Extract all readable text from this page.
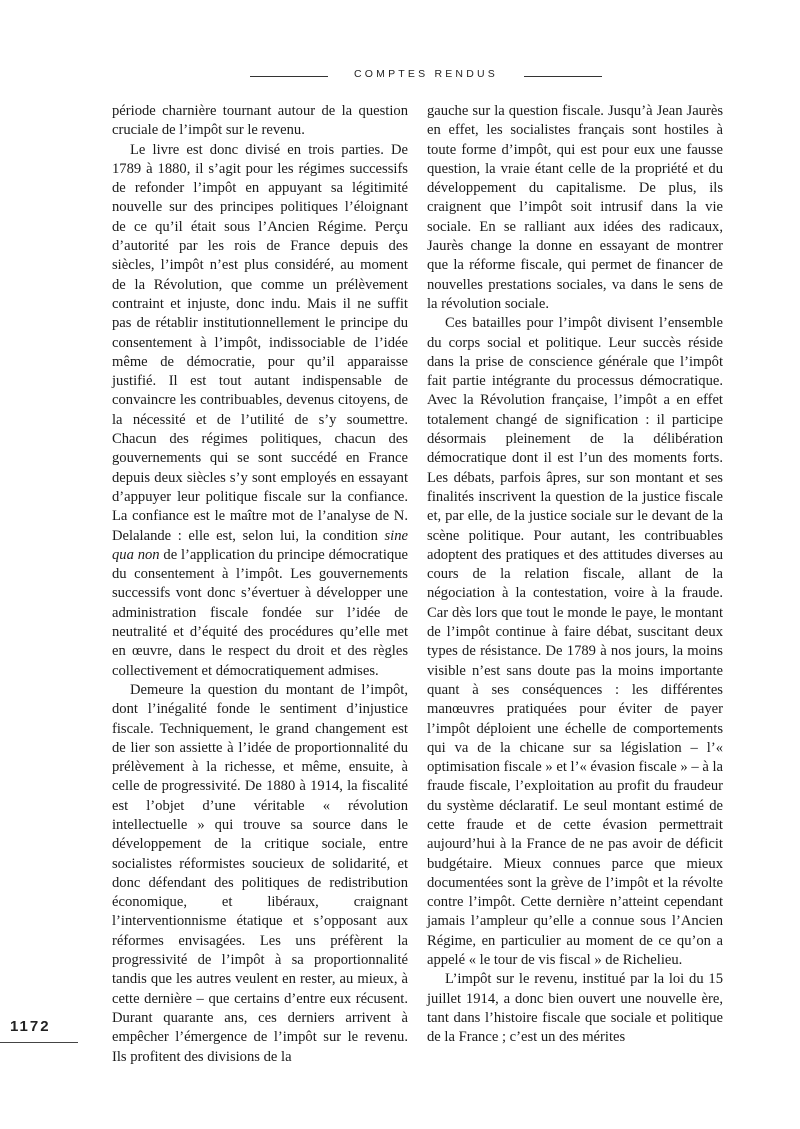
COMPTES RENDUS

période charnière tournant autour de la question cruciale de l’impôt sur le revenu.

Le livre est donc divisé en trois parties. De 1789 à 1880, il s’agit pour les régimes successifs de refonder l’impôt en appuyant sa légitimité nouvelle sur des principes politiques l’éloignant de ce qu’il était sous l’Ancien Régime. Perçu d’autorité par les rois de France depuis des siècles, l’impôt n’est plus considéré, au moment de la Révolution, que comme un prélèvement contraint et injuste, donc indu. Mais il ne suffit pas de rétablir institutionnellement le principe du consentement à l’impôt, indissociable de l’idée même de démocratie, pour qu’il apparaisse justifié. Il est tout autant indispensable de convaincre les contribuables, devenus citoyens, de la nécessité et de l’utilité de s’y soumettre. Chacun des régimes politiques, chacun des gouvernements qui se sont succédé en France depuis deux siècles s’y sont employés en essayant d’appuyer leur politique fiscale sur la confiance. La confiance est le maître mot de l’analyse de N. Delalande : elle est, selon lui, la condition sine qua non de l’application du principe démocratique du consentement à l’impôt. Les gouvernements successifs vont donc s’évertuer à développer une administration fiscale fondée sur l’idée de neutralité et d’équité des procédures qu’elle met en œuvre, dans le respect du droit et des règles collectivement et démocratiquement admises.

Demeure la question du montant de l’impôt, dont l’inégalité fonde le sentiment d’injustice fiscale. Techniquement, le grand changement est de lier son assiette à l’idée de proportionnalité du prélèvement à la richesse, et même, ensuite, à celle de progressivité. De 1880 à 1914, la fiscalité est l’objet d’une véritable « révolution intellectuelle » qui trouve sa source dans le développement de la critique sociale, entre socialistes réformistes soucieux de solidarité, et donc défendant des politiques de redistribution économique, et libéraux, craignant l’interventionnisme étatique et s’opposant aux réformes envisagées. Les uns préfèrent la progressivité de l’impôt à sa proportionnalité tandis que les autres veulent en rester, au mieux, à cette dernière – que certains d’entre eux récusent. Durant quarante ans, ces derniers arrivent à empêcher l’émergence de l’impôt sur le revenu. Ils profitent des divisions de la

gauche sur la question fiscale. Jusqu’à Jean Jaurès en effet, les socialistes français sont hostiles à toute forme d’impôt, qui est pour eux une fausse question, la vraie étant celle de la propriété et du développement du capitalisme. De plus, ils craignent que l’impôt soit intrusif dans la vie sociale. En se ralliant aux idées des radicaux, Jaurès change la donne en essayant de montrer que la réforme fiscale, qui permet de financer de nouvelles prestations sociales, va dans le sens de la révolution sociale.

Ces batailles pour l’impôt divisent l’ensemble du corps social et politique. Leur succès réside dans la prise de conscience générale que l’impôt fait partie intégrante du processus démocratique. Avec la Révolution française, l’impôt a en effet totalement changé de signification : il participe désormais pleinement de la délibération démocratique dont il est l’un des moments forts. Les débats, parfois âpres, sur son montant et ses finalités inscrivent la question de la justice fiscale et, par elle, de la justice sociale sur le devant de la scène politique. Pour autant, les contribuables adoptent des pratiques et des attitudes diverses au cours de la relation fiscale, allant de la négociation à la contestation, voire à la fraude. Car dès lors que tout le monde le paye, le montant de l’impôt continue à faire débat, suscitant deux types de résistance. De 1789 à nos jours, la moins visible n’est sans doute pas la moins importante quant à ses conséquences : les différentes manœuvres pratiquées pour éviter de payer l’impôt déploient une échelle de comportements qui va de la chicane sur sa législation – l’« optimisation fiscale » et l’« évasion fiscale » – à la fraude fiscale, l’exploitation au profit du fraudeur du système déclaratif. Le seul montant estimé de cette fraude et de cette évasion permettrait aujourd’hui à la France de ne pas avoir de déficit budgétaire. Mieux connues parce que mieux documentées sont la grève de l’impôt et la révolte contre l’impôt. Cette dernière n’atteint cependant jamais l’ampleur qu’elle a connue sous l’Ancien Régime, en particulier au moment de ce qu’on a appelé « le tour de vis fiscal » de Richelieu.

L’impôt sur le revenu, institué par la loi du 15 juillet 1914, a donc bien ouvert une nouvelle ère, tant dans l’histoire fiscale que sociale et politique de la France ; c’est un des mérites

1172
